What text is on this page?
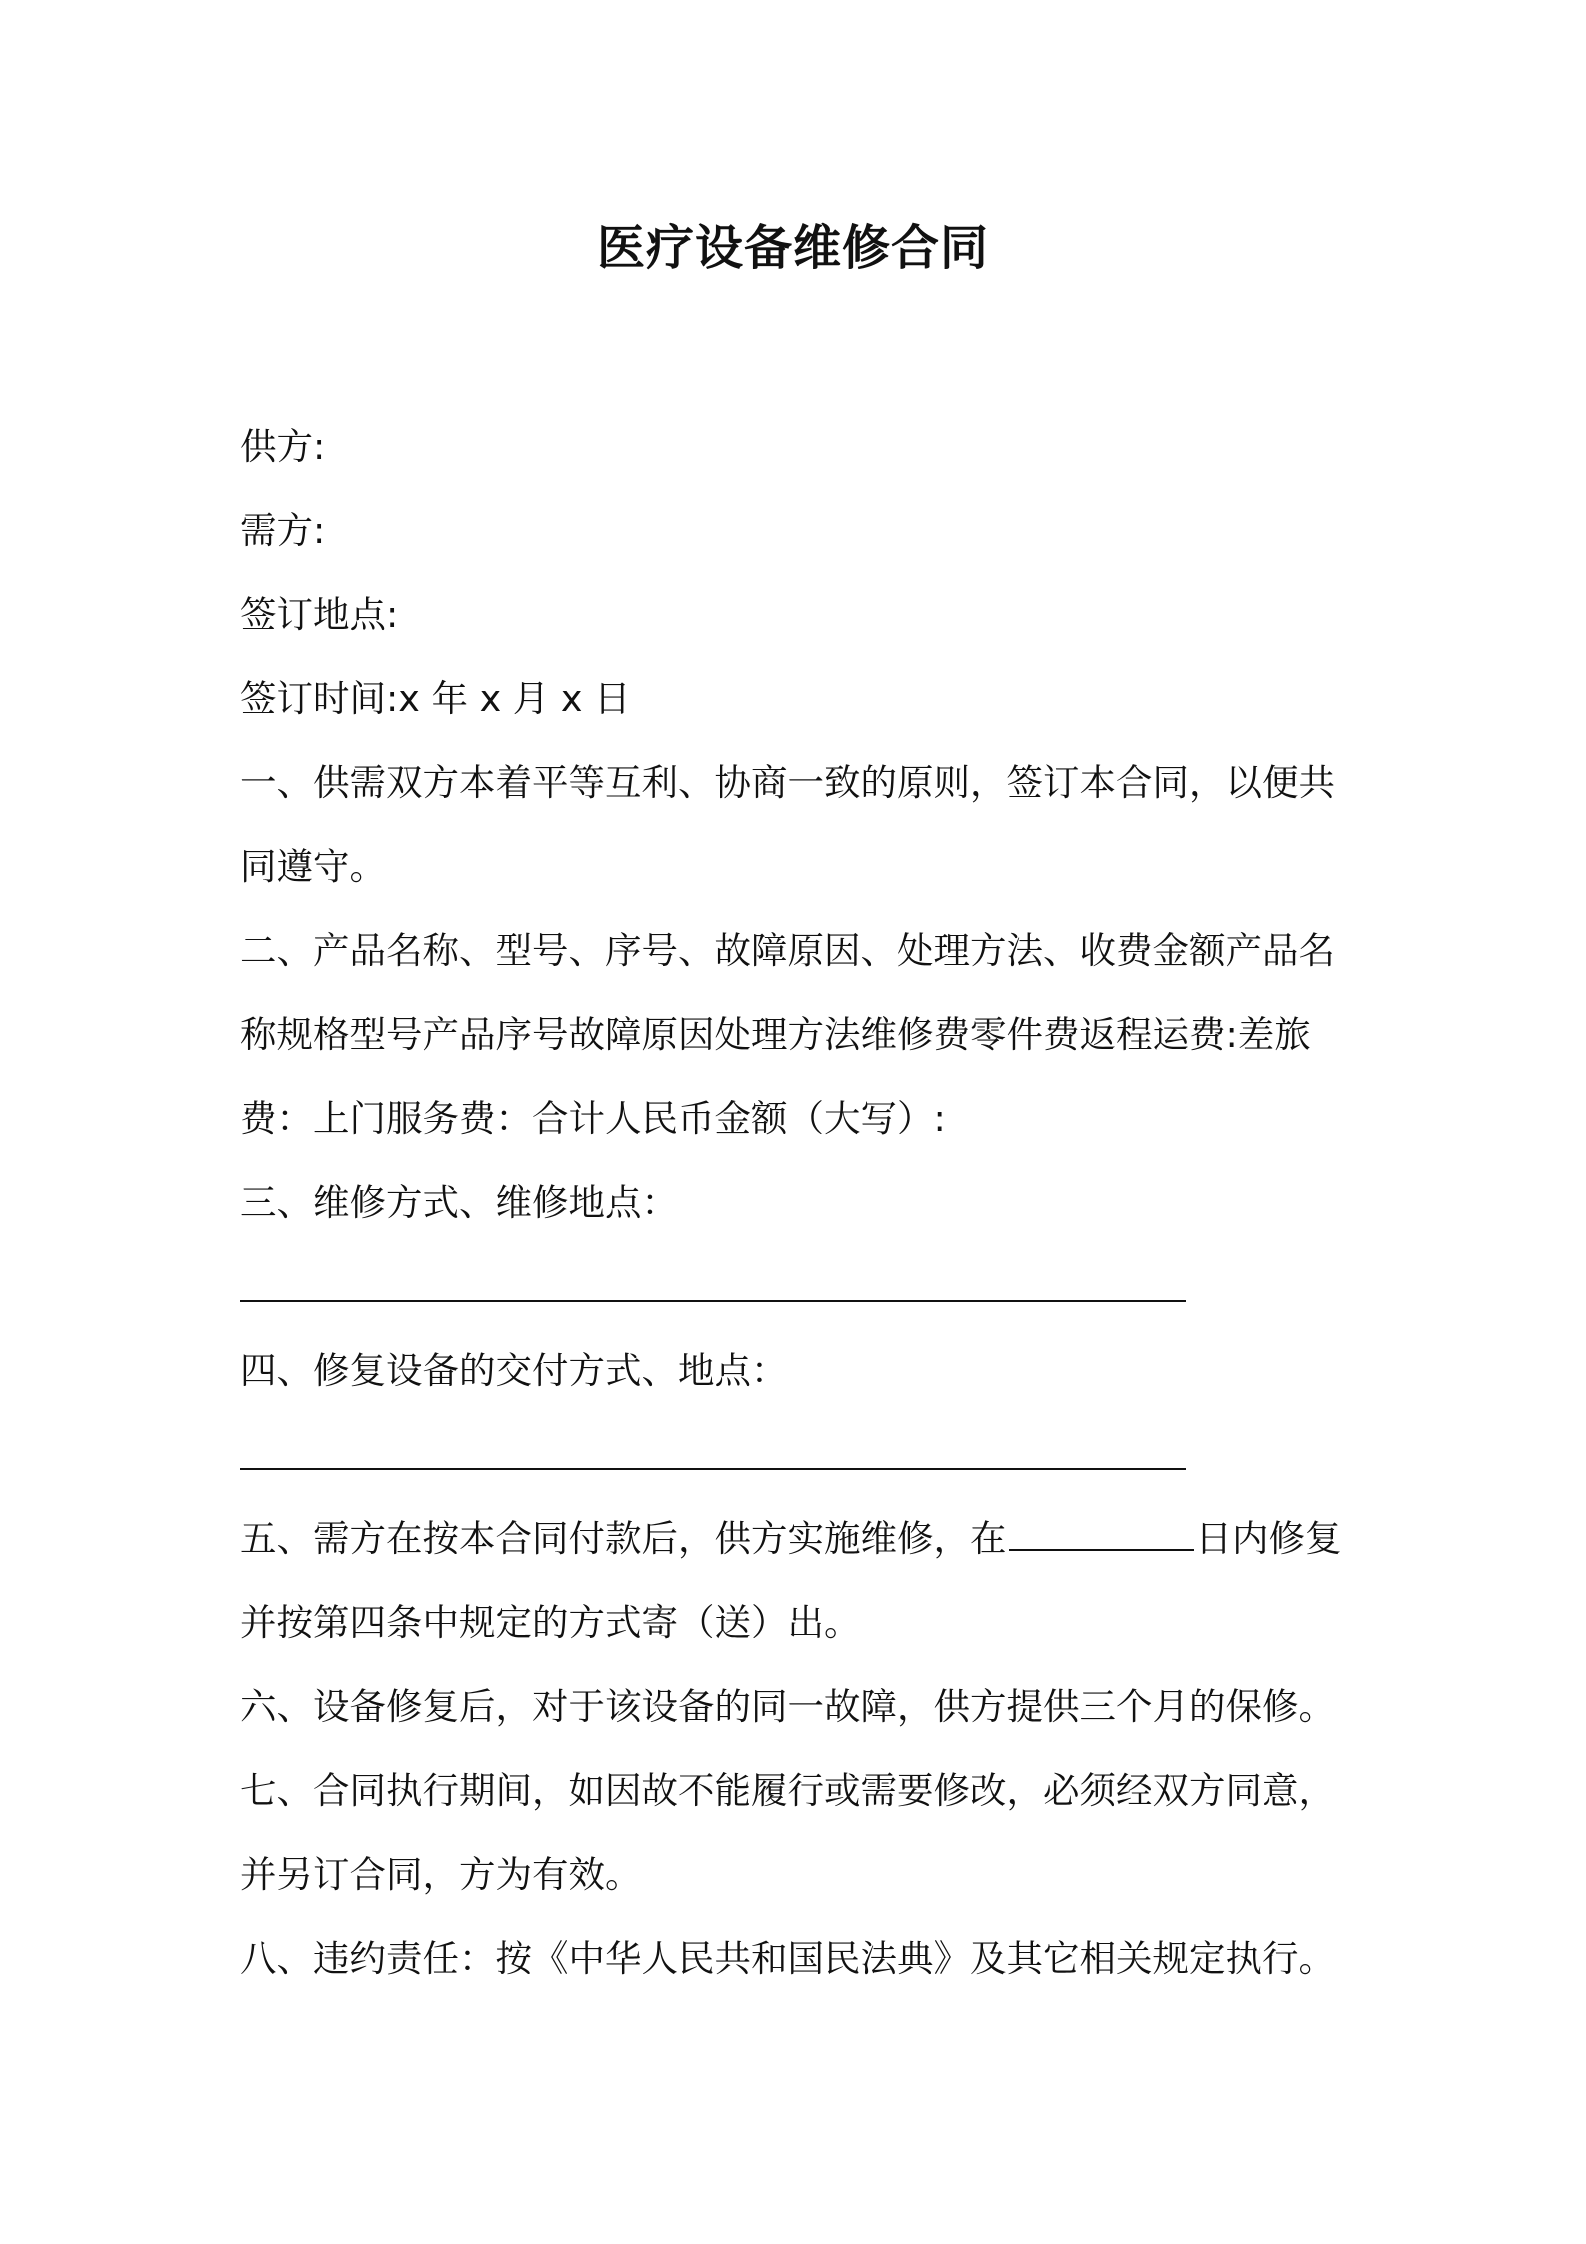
医疗设备维修合同
供方:
需方:
签订地点:
签订时间:x 年 x 月 x 日
一、供需双方本着平等互利、协商一致的原则，签订本合同，以便共
同遵守。
二、产品名称、型号、序号、故障原因、处理方法、收费金额产品名
称规格型号产品序号故障原因处理方法维修费零件费返程运费:差旅
费：上门服务费：合计人民币金额（大写）:
三、维修方式、维修地点：
四、修复设备的交付方式、地点：
五、需方在按本合同付款后，供方实施维修，在	日内修复
并按第四条中规定的方式寄（送）出。
六、设备修复后，对于该设备的同一故障，供方提供三个月的保修。
七、合同执行期间，如因故不能履行或需要修改，必须经双方同意，
并另订合同，方为有效。
八、违约责任：按《中华人民共和国民法典》及其它相关规定执行。
